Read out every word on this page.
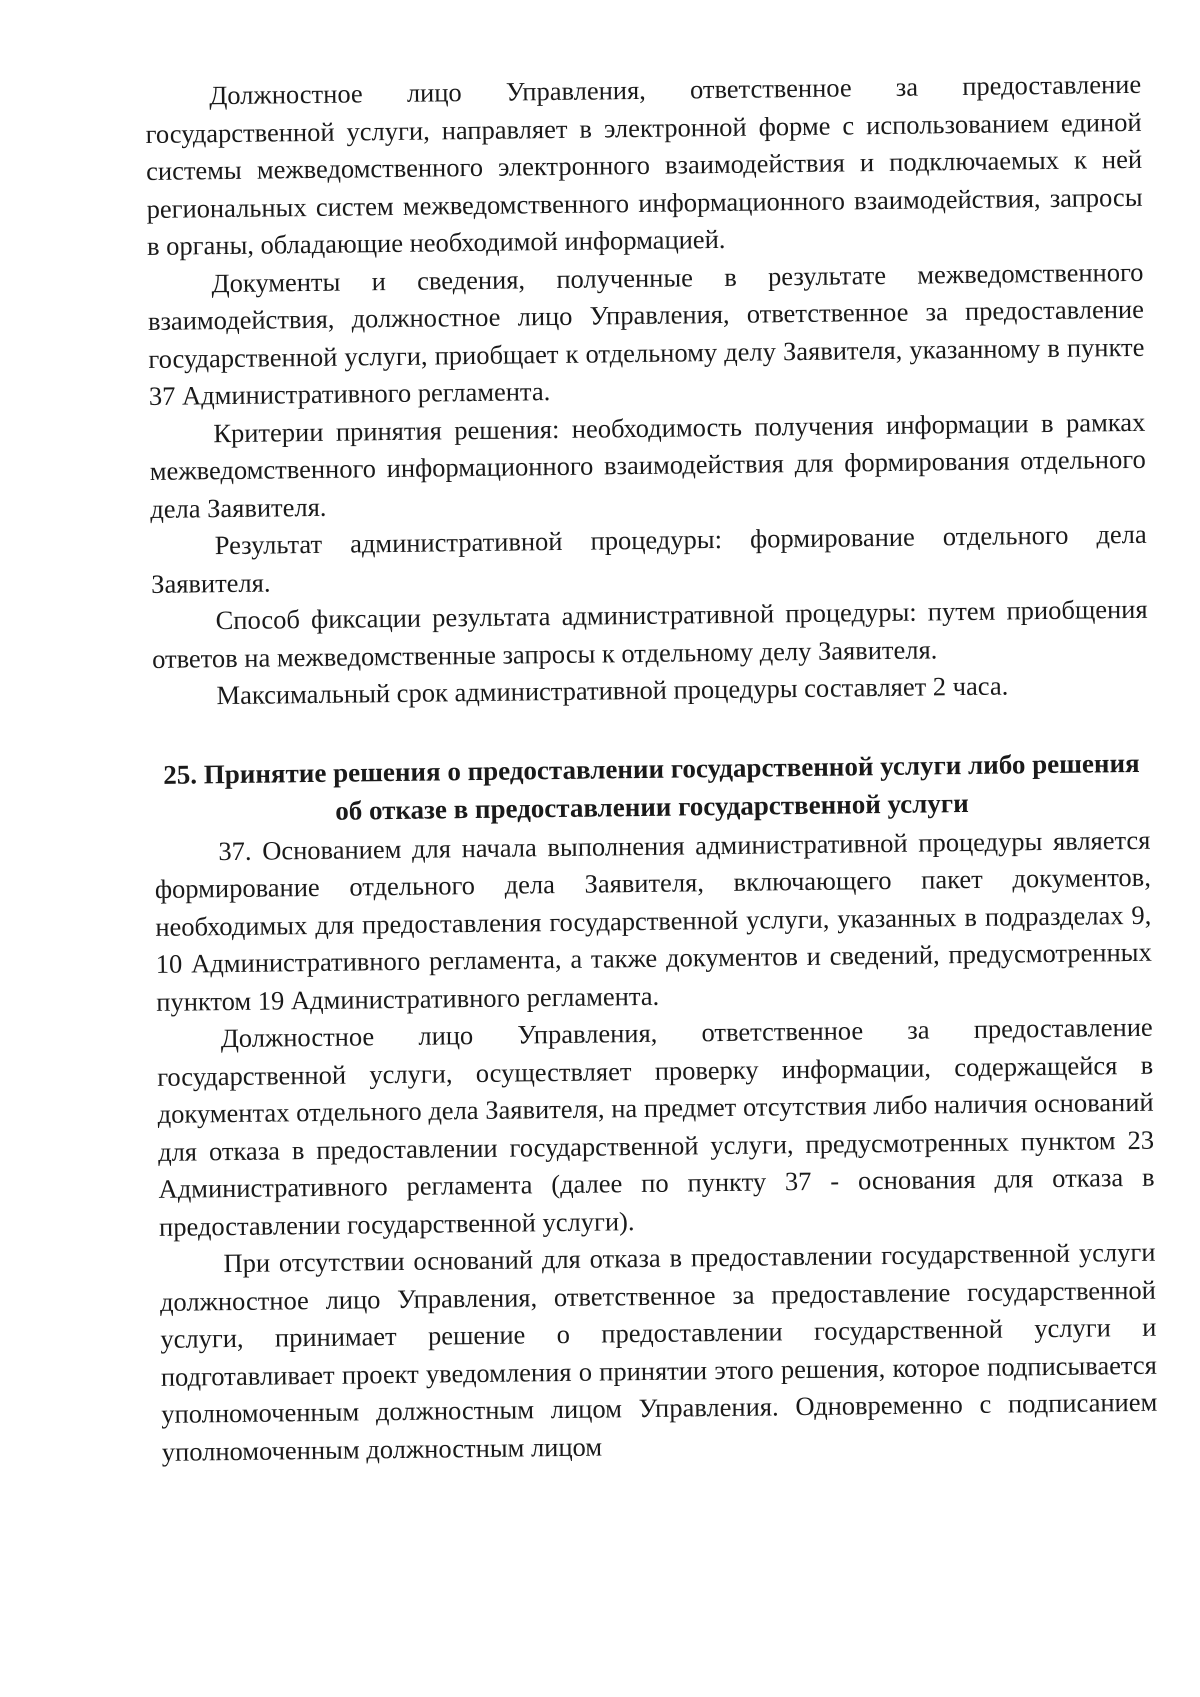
Должностное лицо Управления, ответственное за предоставление государственной услуги, направляет в электронной форме с использованием единой системы межведомственного электронного взаимодействия и подключаемых к ней региональных систем межведомственного информационного взаимодействия, запросы в органы, обладающие необходимой информацией.

Документы и сведения, полученные в результате межведомственного взаимодействия, должностное лицо Управления, ответственное за предоставление государственной услуги, приобщает к отдельному делу Заявителя, указанному в пункте 37 Административного регламента.

Критерии принятия решения: необходимость получения информации в рамках межведомственного информационного взаимодействия для формирования отдельного дела Заявителя.

Результат административной процедуры: формирование отдельного дела Заявителя.

Способ фиксации результата административной процедуры: путем приобщения ответов на межведомственные запросы к отдельному делу Заявителя.

Максимальный срок административной процедуры составляет 2 часа.

25. Принятие решения о предоставлении государственной услуги либо решения об отказе в предоставлении государственной услуги

37. Основанием для начала выполнения административной процедуры является формирование отдельного дела Заявителя, включающего пакет документов, необходимых для предоставления государственной услуги, указанных в подразделах 9, 10 Административного регламента, а также документов и сведений, предусмотренных пунктом 19 Административного регламента.

Должностное лицо Управления, ответственное за предоставление государственной услуги, осуществляет проверку информации, содержащейся в документах отдельного дела Заявителя, на предмет отсутствия либо наличия оснований для отказа в предоставлении государственной услуги, предусмотренных пунктом 23 Административного регламента (далее по пункту 37 - основания для отказа в предоставлении государственной услуги).

При отсутствии оснований для отказа в предоставлении государственной услуги должностное лицо Управления, ответственное за предоставление государственной услуги, принимает решение о предоставлении государственной услуги и подготавливает проект уведомления о принятии этого решения, которое подписывается уполномоченным должностным лицом Управления. Одновременно с подписанием уполномоченным должностным лицом
